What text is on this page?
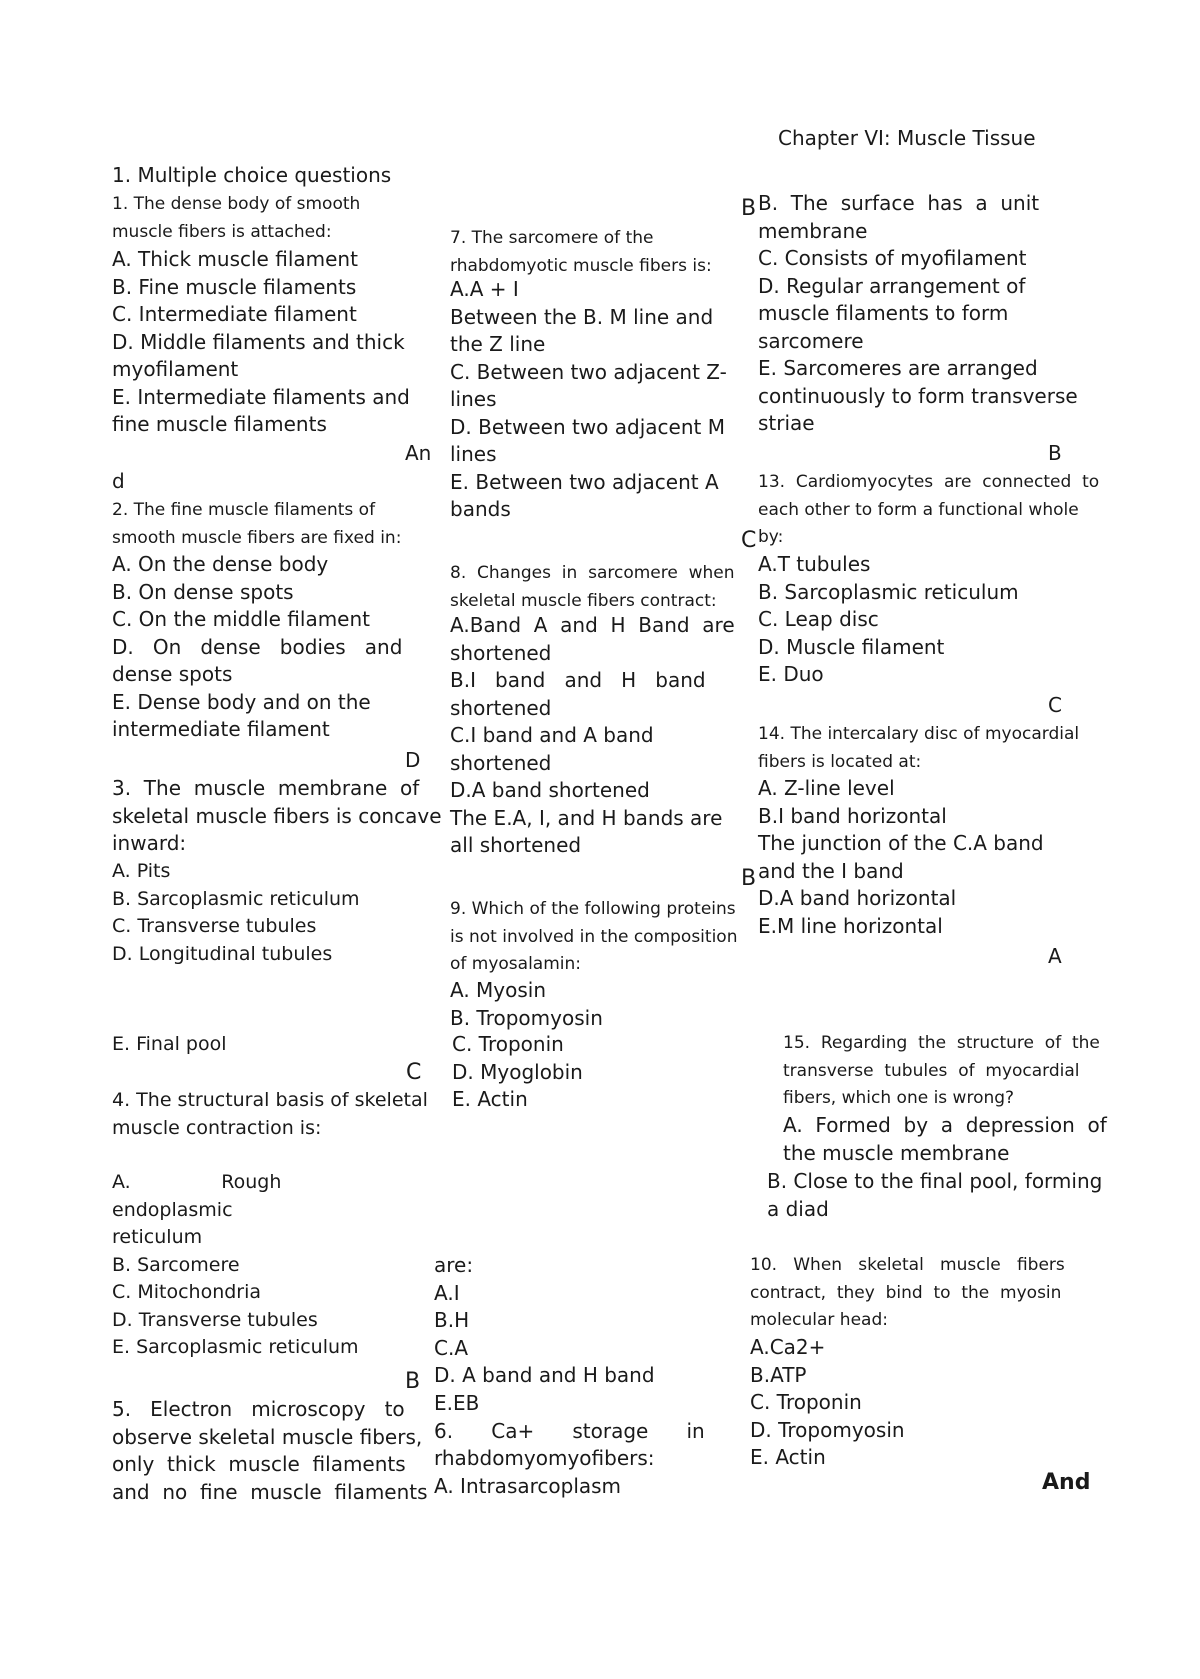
Chapter VI: Muscle Tissue
1. Multiple choice questions
1. The dense body of smooth
muscle fibers is attached:
A. Thick muscle filament
B. Fine muscle filaments
C. Intermediate filament
D. Middle filaments and thick
myofilament
E. Intermediate filaments and
fine muscle filaments
An
d
2. The fine muscle filaments of
smooth muscle fibers are fixed in:
A. On the dense body
B. On dense spots
C. On the middle filament
D.   On   dense   bodies   and
dense spots
E. Dense body and on the
intermediate filament
D
3.  The  muscle  membrane  of
skeletal muscle fibers is concave
inward:
A. Pits
B. Sarcoplasmic reticulum
C. Transverse tubules
D. Longitudinal tubules
E. Final pool
C
4. The structural basis of skeletal
muscle contraction is:
A.               Rough
endoplasmic
reticulum
B. Sarcomere
C. Mitochondria
D. Transverse tubules
E. Sarcoplasmic reticulum
B
5.   Electron   microscopy   to
observe skeletal muscle fibers,
only  thick  muscle  filaments
and  no  fine  muscle  filaments
7. The sarcomere of the
rhabdomyotic muscle fibers is:
A.A + I
Between the B. M line and
the Z line
C. Between two adjacent Z-
lines
D. Between two adjacent M
lines
E. Between two adjacent A
bands
C
8.  Changes  in  sarcomere  when
skeletal muscle fibers contract:
A.Band  A  and  H  Band  are
shortened
B.I   band   and   H   band
shortened
C.I band and A band
shortened
D.A band shortened
The E.A, I, and H bands are
all shortened
B
9. Which of the following proteins
is not involved in the composition
of myosalamin:
A. Myosin
B. Tropomyosin
C. Troponin
D. Myoglobin
E. Actin
are:
A.I
B.H
C.A
D. A band and H band
E.EB
6.      Ca+      storage      in
rhabdomyomyofibers:
A. Intrasarcoplasm
B B.  The  surface  has  a  unit
membrane
C. Consists of myofilament
D. Regular arrangement of
muscle filaments to form
sarcomere
E. Sarcomeres are arranged
continuously to form transverse
striae
B
13.  Cardiomyocytes  are  connected  to
each other to form a functional whole
by:
A.T tubules
B. Sarcoplasmic reticulum
C. Leap disc
D. Muscle filament
E. Duo
C
14. The intercalary disc of myocardial
fibers is located at:
A. Z-line level
B.I band horizontal
The junction of the C.A band
and the I band
D.A band horizontal
E.M line horizontal
A
15.  Regarding  the  structure  of  the
transverse  tubules  of  myocardial
fibers, which one is wrong?
A.  Formed  by  a  depression  of
the muscle membrane
B. Close to the final pool, forming
a diad
10.   When   skeletal   muscle   fibers
contract,  they  bind  to  the  myosin
molecular head:
A.Ca2+
B.ATP
C. Troponin
D. Tropomyosin
E. Actin
And
